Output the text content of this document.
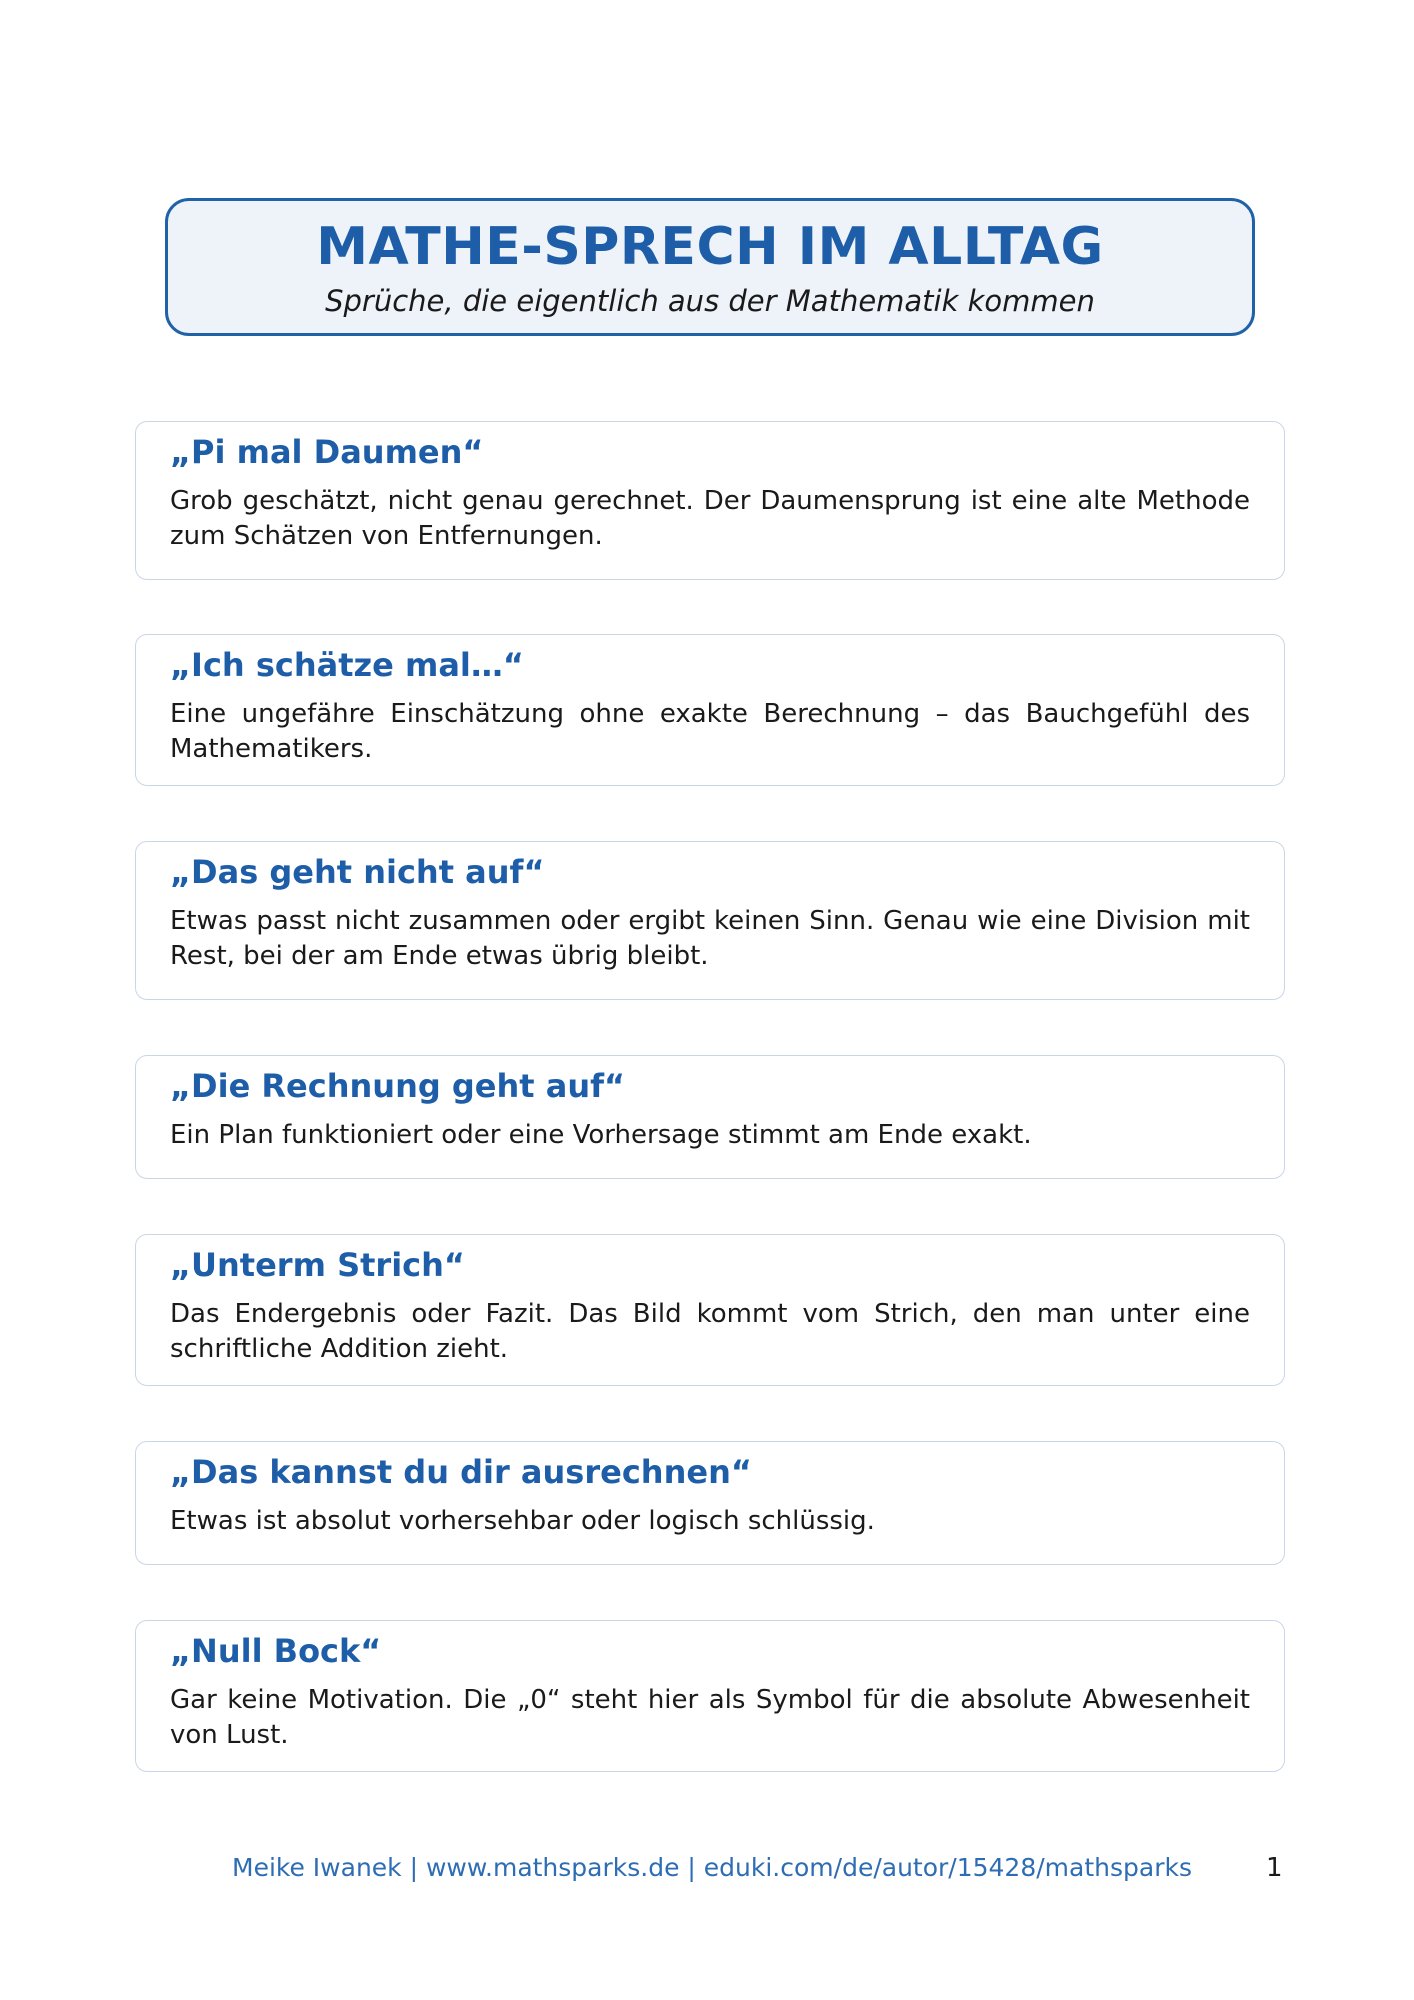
MATHE-SPRECH IM ALLTAG
Sprüche, die eigentlich aus der Mathematik kommen
„Pi mal Daumen“
Grob geschätzt, nicht genau gerechnet. Der Daumensprung ist eine alte Methode zum Schätzen von Entfernungen.
„Ich schätze mal…“
Eine ungefähre Einschätzung ohne exakte Berechnung – das Bauchgefühl des Mathematikers.
„Das geht nicht auf“
Etwas passt nicht zusammen oder ergibt keinen Sinn. Genau wie eine Division mit Rest, bei der am Ende etwas übrig bleibt.
„Die Rechnung geht auf“
Ein Plan funktioniert oder eine Vorhersage stimmt am Ende exakt.
„Unterm Strich“
Das Endergebnis oder Fazit. Das Bild kommt vom Strich, den man unter eine schriftliche Addition zieht.
„Das kannst du dir ausrechnen“
Etwas ist absolut vorhersehbar oder logisch schlüssig.
„Null Bock“
Gar keine Motivation. Die „0“ steht hier als Symbol für die absolute Abwesenheit von Lust.
Meike Iwanek | www.mathsparks.de | eduki.com/de/autor/15428/mathsparks	1
